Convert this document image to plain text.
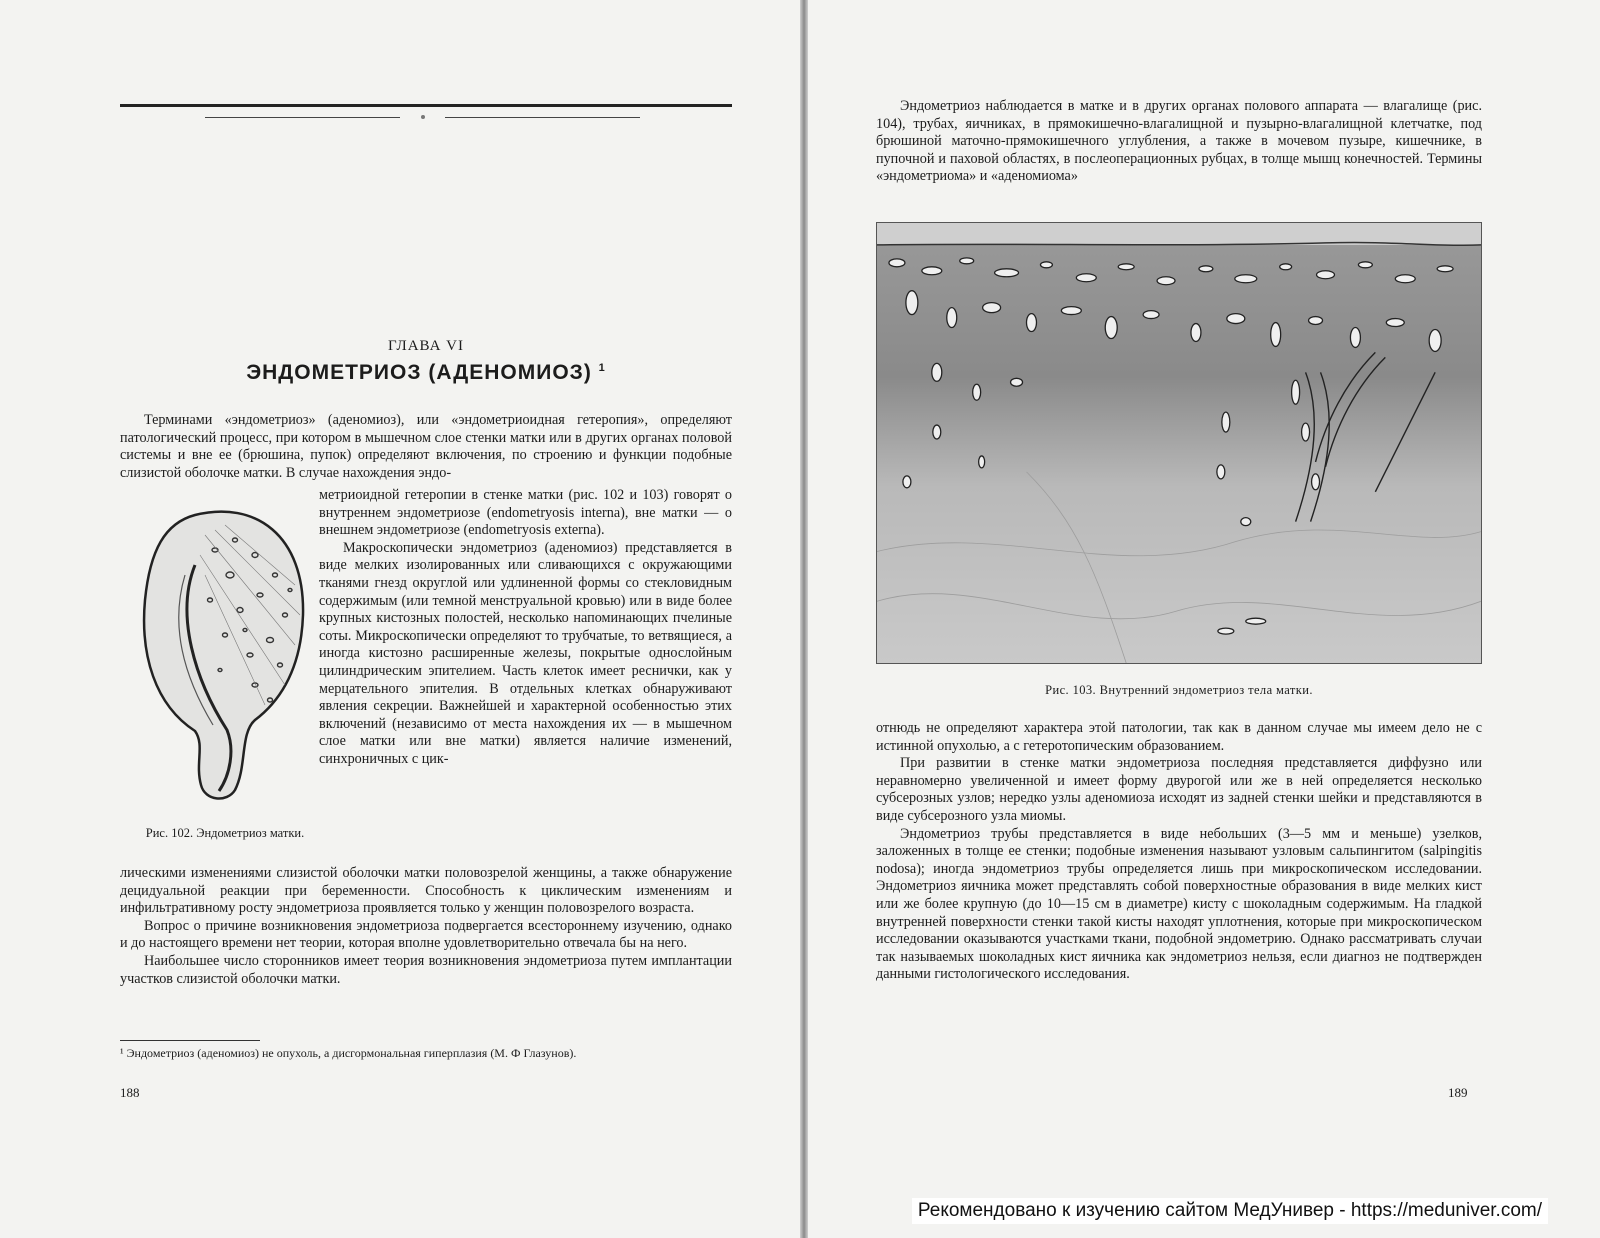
ГЛАВА VI
ЭНДОМЕТРИОЗ (АДЕНОМИОЗ) $^1$

Терминами «эндометриоз» (аденомиоз), или «эндометриоидная гетеропия», определяют патологический процесс, при котором в мышечном слое стенки матки или в других органах половой системы и вне ее (брюшина, пупок) определяют включения, по строению и функции подобные слизистой оболочке матки. В случае нахождения эндо-

метриоидной гетеропии в стенке матки (рис. 102 и 103) говорят о внутреннем эндометриозе (endometryosis interna), вне матки — о внешнем эндометриозе (endometryosis externa).

Макроскопически эндометриоз (аденомиоз) представляется в виде мелких изолированных или сливающихся с окружающими тканями гнезд округлой или удлиненной формы со стекловидным содержимым (или темной менструальной кровью) или в виде более крупных кистозных полостей, несколько напоминающих пчелиные соты. Микроскопически определяют то трубчатые, то ветвящиеся, а иногда кистозно расширенные железы, покрытые однослойным цилиндрическим эпителием. Часть клеток имеет реснички, как у мерцательного эпителия. В отдельных клетках обнаруживают явления секреции. Важнейшей и характерной особенностью этих включений (независимо от места нахождения их — в мышечном слое матки или вне матки) является наличие изменений, синхроничных с цик-

Рис. 102. Эндометриоз матки.

лическими изменениями слизистой оболочки матки половозрелой женщины, а также обнаружение децидуальной реакции при беременности. Способность к циклическим изменениям и инфильтративному росту эндометриоза проявляется только у женщин половозрелого возраста.

Вопрос о причине возникновения эндометриоза подвергается всестороннему изучению, однако и до настоящего времени нет теории, которая вполне удовлетворительно отвечала бы на него.

Наибольшее число сторонников имеет теория возникновения эндометриоза путем имплантации участков слизистой оболочки матки.

¹ Эндометриоз (аденомиоз) не опухоль, а дисгормональная гиперплазия (М. Ф Глазунов).
188

Эндометриоз наблюдается в матке и в других органах полового аппарата — влагалище (рис. 104), трубах, яичниках, в прямокишечно-влагалищной и пузырно-влагалищной клетчатке, под брюшиной маточно-прямокишечного углубления, а также в мочевом пузыре, кишечнике, в пупочной и паховой областях, в послеоперационных рубцах, в толще мышц конечностей. Термины «эндометриома» и «аденомиома»

Рис. 103. Внутренний эндометриоз тела матки.

отнюдь не определяют характера этой патологии, так как в данном случае мы имеем дело не с истинной опухолью, а с гетеротопическим образованием.

При развитии в стенке матки эндометриоза последняя представляется диффузно или неравномерно увеличенной и имеет форму двурогой или же в ней определяется несколько субсерозных узлов; нередко узлы аденомиоза исходят из задней стенки шейки и представляются в виде субсерозного узла миомы.

Эндометриоз трубы представляется в виде небольших (3—5 мм и меньше) узелков, заложенных в толще ее стенки; подобные изменения называют узловым сальпингитом (salpingitis nodosa); иногда эндометриоз трубы определяется лишь при микроскопическом исследовании. Эндометриоз яичника может представлять собой поверхностные образования в виде мелких кист или же более крупную (до 10—15 см в диаметре) кисту с шоколадным содержимым. На гладкой внутренней поверхности стенки такой кисты находят уплотнения, которые при микроскопическом исследовании оказываются участками ткани, подобной эндометрию. Однако рассматривать случаи так называемых шоколадных кист яичника как эндометриоз нельзя, если диагноз не подтвержден данными гистологического исследования.

189
Рекомендовано к изучению сайтом МедУнивер - https://meduniver.com/
